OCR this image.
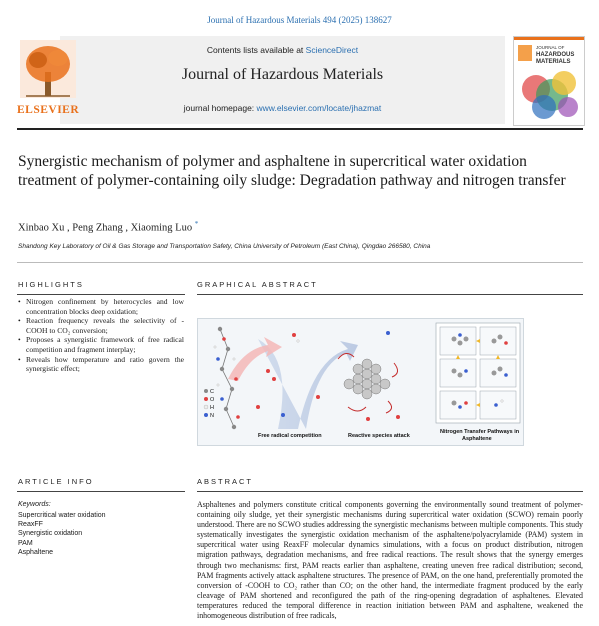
Journal of Hazardous Materials 494 (2025) 138627
ELSEVIER
Contents lists available at ScienceDirect
Journal of Hazardous Materials
journal homepage: www.elsevier.com/locate/jhazmat
JOURNAL OF
HAZARDOUS
MATERIALS
Synergistic mechanism of polymer and asphaltene in supercritical water oxidation treatment of polymer-containing oily sludge: Degradation pathway and nitrogen transfer
Xinbao Xu , Peng Zhang , Xiaoming Luo *
Shandong Key Laboratory of Oil & Gas Storage and Transportation Safety, China University of Petroleum (East China), Qingdao 266580, China
HIGHLIGHTS	GRAPHICAL ABSTRACT
• Nitrogen confinement by heterocycles and low concentration blocks deep oxidation;
• Reaction frequency reveals the selectivity of -COOH to CO₂ conversion;
• Proposes a synergistic framework of free radical competition and fragment interplay;
• Reveals how temperature and ratio govern the synergistic effect;
C
O
H
N
Free radical competition	Reactive species attack
Nitrogen Transfer Pathways in
Asphaltene
ARTICLE INFO	ABSTRACT
Keywords:
Supercritical water oxidation
ReaxFF
Synergistic oxidation
PAM
Asphaltene
Asphaltenes and polymers constitute critical components governing the environmentally sound treatment of polymer-containing oily sludge, yet their synergistic mechanisms during supercritical water oxidation (SCWO) remain poorly understood. There are no SCWO studies addressing the synergistic mechanisms between multiple components. This study systematically investigates the synergistic oxidation mechanism of the asphaltene/polyacrylamide (PAM) system in supercritical water using ReaxFF molecular dynamics simulations, with a focus on product distribution, nitrogen migration pathways, degradation mechanisms, and free radical reactions. The result shows that the synergy emerges through two mechanisms: first, PAM reacts earlier than asphaltene, creating uneven free radical distribution; second, PAM fragments actively attack asphaltene structures. The presence of PAM, on the one hand, preferentially promoted the conversion of -COOH to CO₂ rather than CO; on the other hand, the intermediate fragment produced by the early cleavage of PAM shortened and reconfigured the path of the ring-opening degradation of asphaltenes. Elevated temperatures reduced the temporal difference in reaction initiation between PAM and asphaltene, weakened the inhomogeneous distribution of free radicals,
